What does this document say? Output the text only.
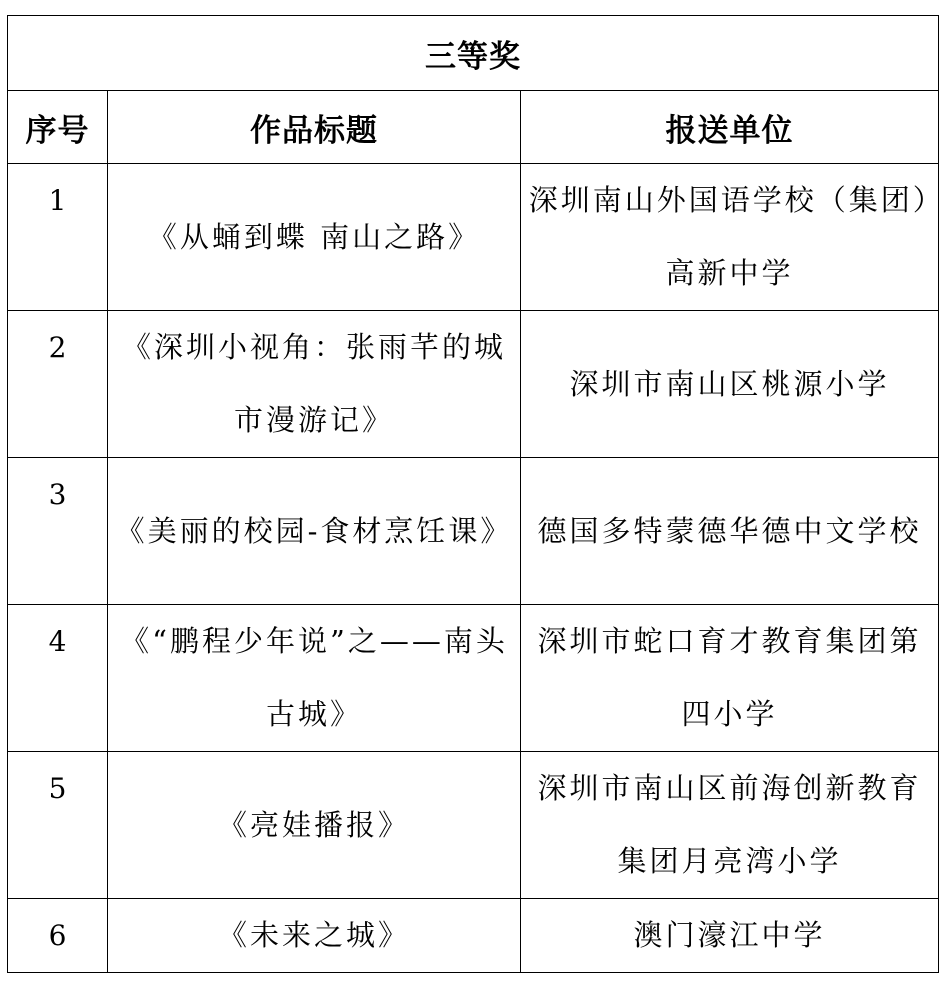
三等奖		
序号	作品标题	报送单位
1	《从蛹到蝶 南山之路》	深圳南山外国语学校（集团）高新中学
2	《深圳小视角：张雨芊的城市漫游记》	深圳市南山区桃源小学
3	《美丽的校园-食材烹饪课》	德国多特蒙德华德中文学校
4	《“鹏程少年说”之——南头古城》	深圳市蛇口育才教育集团第四小学
5	《亮娃播报》	深圳市南山区前海创新教育集团月亮湾小学
6	《未来之城》	澳门濠江中学
